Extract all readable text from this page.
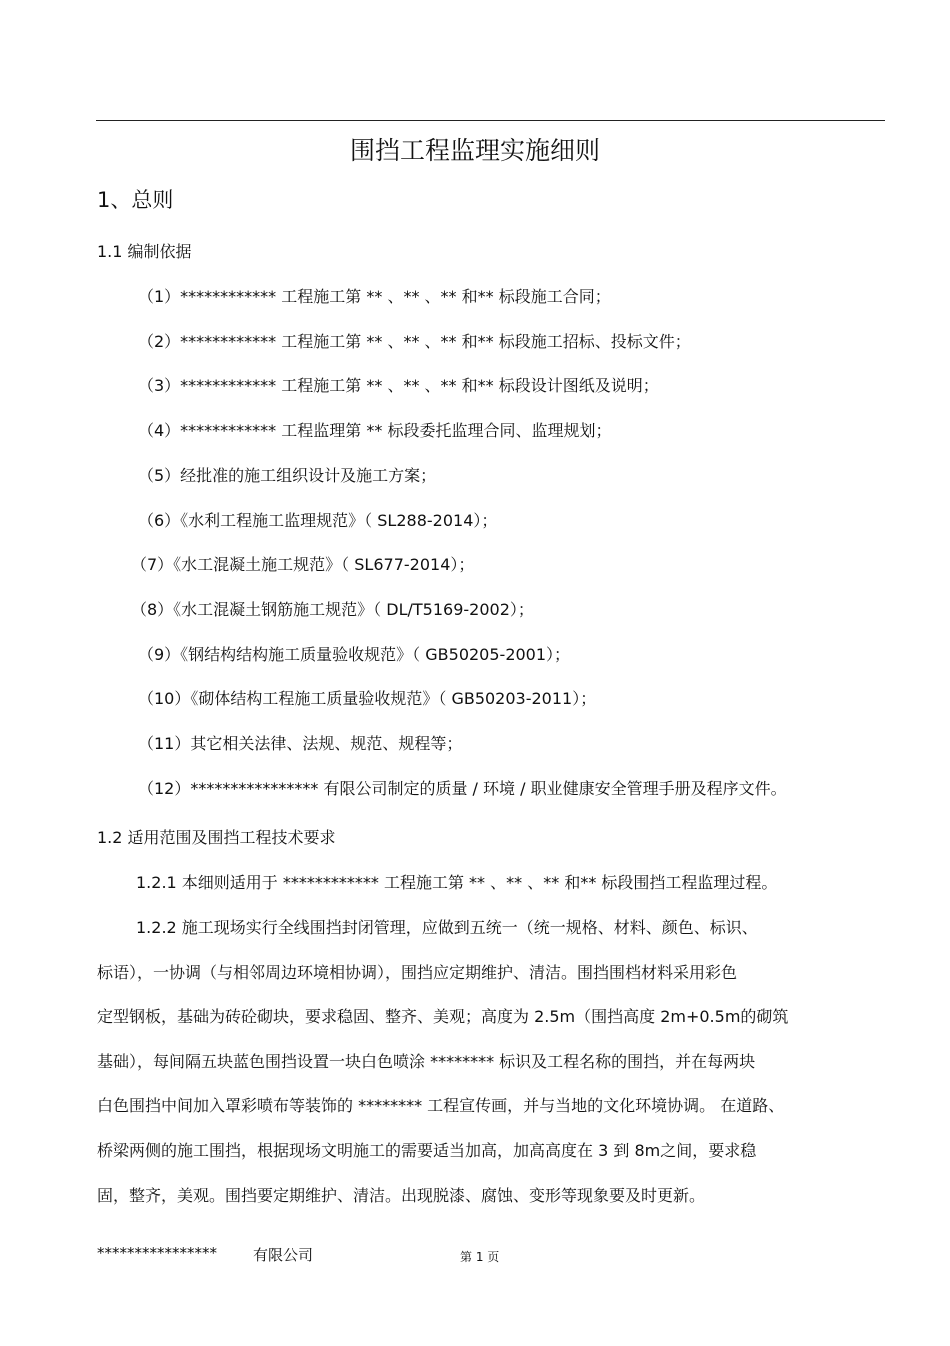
围挡工程监理实施细则
1、总则
1.1 编制依据
（1）************ 工程施工第 ** 、** 、** 和** 标段施工合同；
（2）************ 工程施工第 ** 、** 、** 和** 标段施工招标、投标文件；
（3）************ 工程施工第 ** 、** 、** 和** 标段设计图纸及说明；
（4）************ 工程监理第 ** 标段委托监理合同、监理规划；
（5）经批准的施工组织设计及施工方案；
（6）《水利工程施工监理规范》（ SL288-2014）；
（7）《水工混凝土施工规范》（ SL677-2014）；
（8）《水工混凝土钢筋施工规范》（ DL/T5169-2002）；
（9）《钢结构结构施工质量验收规范》（ GB50205-2001）；
（10）《砌体结构工程施工质量验收规范》（ GB50203-2011）；
（11）其它相关法律、法规、规范、规程等；
（12）**************** 有限公司制定的质量 / 环境 / 职业健康安全管理手册及程序文件。
1.2 适用范围及围挡工程技术要求
1.2.1 本细则适用于 ************ 工程施工第 ** 、** 、** 和** 标段围挡工程监理过程。
1.2.2 施工现场实行全线围挡封闭管理，应做到五统一（统一规格、材料、颜色、标识、
标语），一协调（与相邻周边环境相协调），围挡应定期维护、清洁。围挡围档材料采用彩色
定型钢板，基础为砖砼砌块，要求稳固、整齐、美观；高度为 2.5m（围挡高度 2m+0.5m的砌筑
基础），每间隔五块蓝色围挡设置一块白色喷涂 ******** 标识及工程名称的围挡，并在每两块
白色围挡中间加入罩彩喷布等装饰的 ******** 工程宣传画，并与当地的文化环境协调。 在道路、
桥梁两侧的施工围挡，根据现场文明施工的需要适当加高，加高高度在 3 到 8m之间，要求稳
固，整齐，美观。围挡要定期维护、清洁。出现脱漆、腐蚀、变形等现象要及时更新。
**************** 有限公司	第 1 页
